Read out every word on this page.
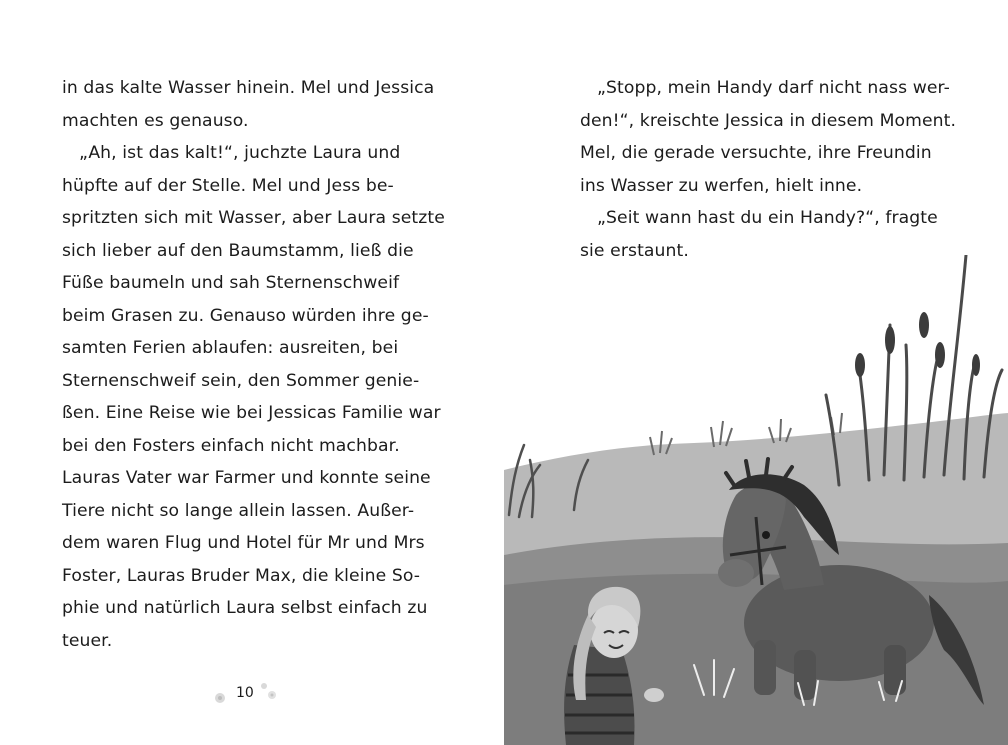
in das kalte Wasser hinein. Mel und Jessica
machten es genauso.
„Ah, ist das kalt!“, juchzte Laura und
hüpfte auf der Stelle. Mel und Jess be-
spritzten sich mit Wasser, aber Laura setzte
sich lieber auf den Baumstamm, ließ die
Füße baumeln und sah Sternenschweif
beim Grasen zu. Genauso würden ihre ge-
samten Ferien ablaufen: ausreiten, bei
Sternenschweif sein, den Sommer genie-
ßen. Eine Reise wie bei Jessicas Familie war
bei den Fosters einfach nicht machbar.
Lauras Vater war Farmer und konnte seine
Tiere nicht so lange allein lassen. Außer-
dem waren Flug und Hotel für Mr und Mrs
Foster, Lauras Bruder Max, die kleine So-
phie und natürlich Laura selbst einfach zu
teuer.
10
„Stopp, mein Handy darf nicht nass wer-
den!“, kreischte Jessica in diesem Moment.
Mel, die gerade versuchte, ihre Freundin
ins Wasser zu werfen, hielt inne.
„Seit wann hast du ein Handy?“, fragte
sie erstaunt.
